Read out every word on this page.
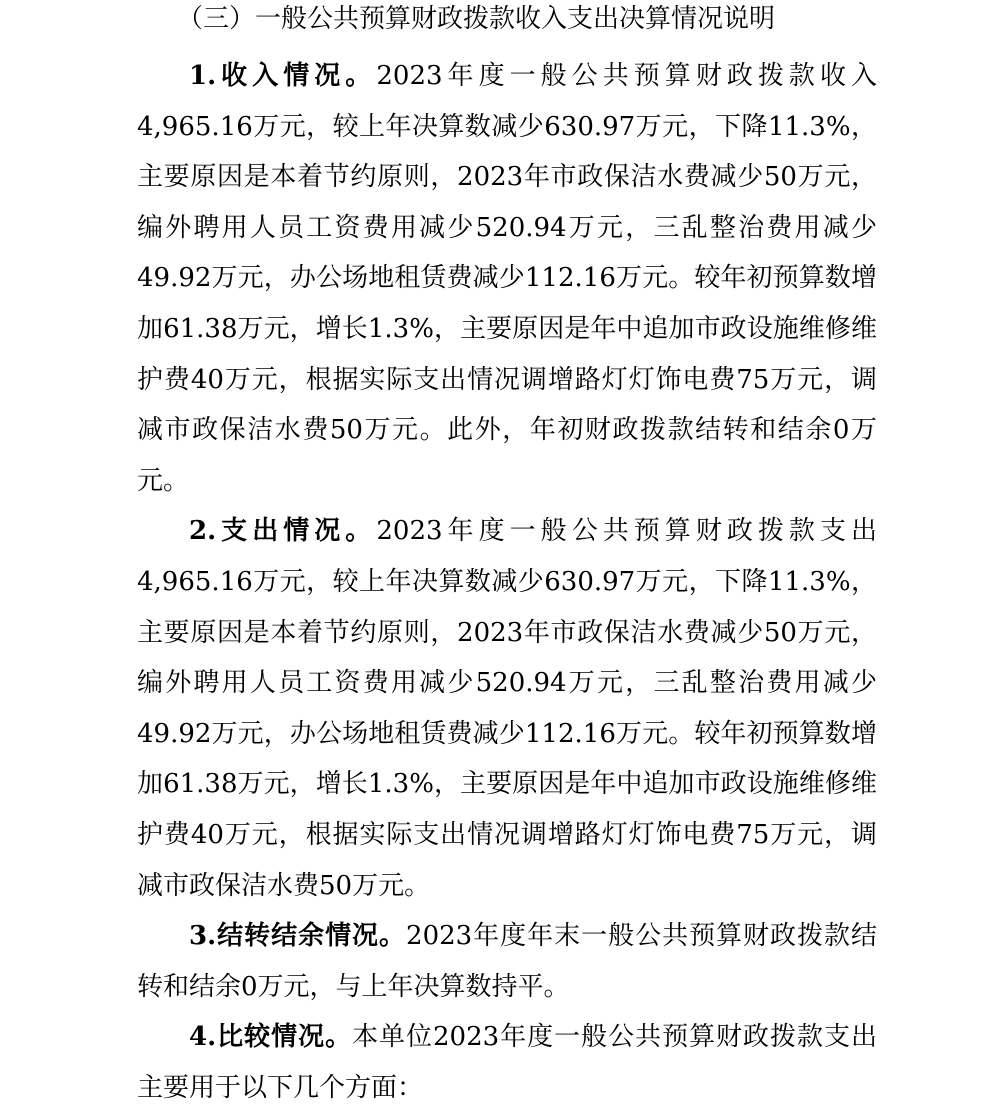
（三）一般公共预算财政拨款收入支出决算情况说明

1.收入情况。2023年度一般公共预算财政拨款收入4,965.16万元，较上年决算数减少630.97万元，下降11.3%，主要原因是本着节约原则，2023年市政保洁水费减少50万元，编外聘用人员工资费用减少520.94万元，三乱整治费用减少49.92万元，办公场地租赁费减少112.16万元。较年初预算数增加61.38万元，增长1.3%，主要原因是年中追加市政设施维修维护费40万元，根据实际支出情况调增路灯灯饰电费75万元，调减市政保洁水费50万元。此外，年初财政拨款结转和结余0万元。

2.支出情况。2023年度一般公共预算财政拨款支出4,965.16万元，较上年决算数减少630.97万元，下降11.3%，主要原因是本着节约原则，2023年市政保洁水费减少50万元，编外聘用人员工资费用减少520.94万元，三乱整治费用减少49.92万元，办公场地租赁费减少112.16万元。较年初预算数增加61.38万元，增长1.3%，主要原因是年中追加市政设施维修维护费40万元，根据实际支出情况调增路灯灯饰电费75万元，调减市政保洁水费50万元。

3.结转结余情况。2023年度年末一般公共预算财政拨款结转和结余0万元，与上年决算数持平。

4.比较情况。本单位2023年度一般公共预算财政拨款支出主要用于以下几个方面：
